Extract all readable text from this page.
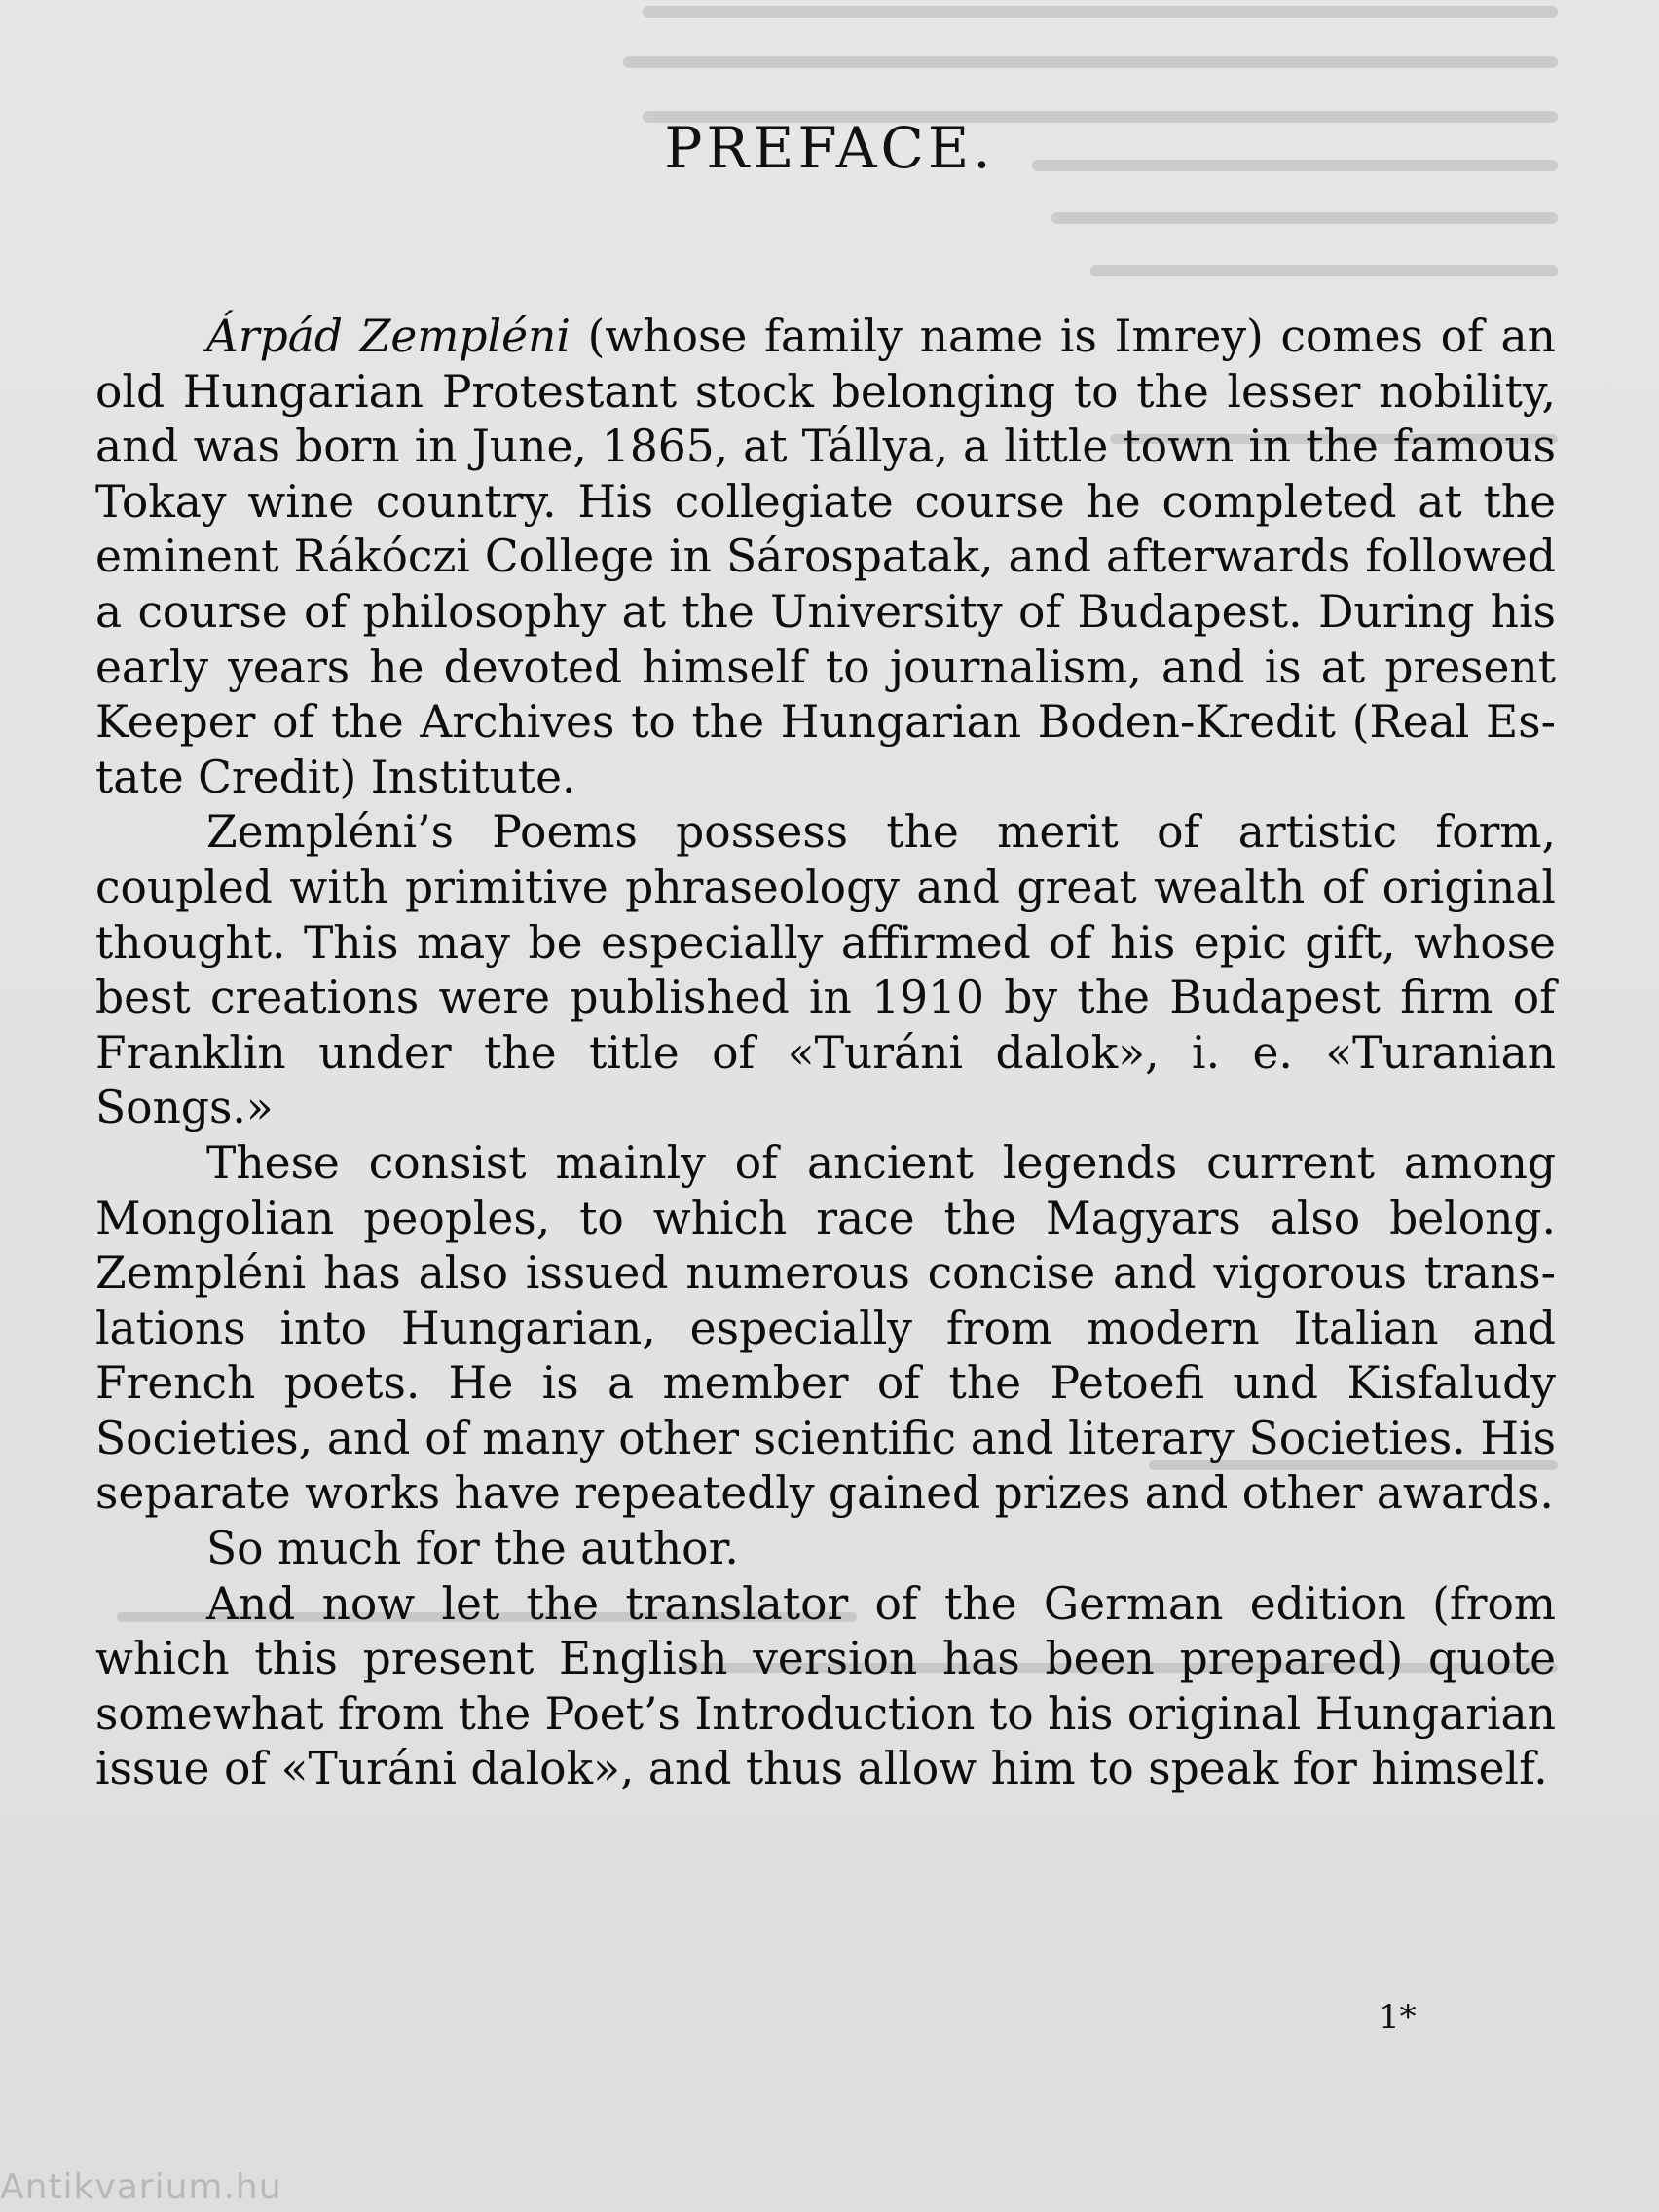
PREFACE.

Árpád Zempléni (whose family name is Imrey) comes of an old Hungarian Protestant stock belonging to the lesser nobility, and was born in June, 1865, at Tállya, a little town in the famous Tokay wine country. His collegiate course he completed at the eminent Rákóczi College in Sárospatak, and afterwards followed a course of philosophy at the University of Budapest. During his early years he devoted himself to journalism, and is at present Keeper of the Archives to the Hungarian Boden-Kredit (Real Estate Credit) Institute.

Zempléni’s Poems possess the merit of artistic form, coupled with primitive phraseology and great wealth of original thought. This may be especially affirmed of his epic gift, whose best creations were published in 1910 by the Budapest firm of Franklin under the title of «Turáni dalok», i. e. «Turanian Songs.»

These consist mainly of ancient legends current among Mongolian peoples, to which race the Magyars also belong. Zempléni has also issued numerous concise and vigorous translations into Hungarian, especially from modern Italian and French poets. He is a member of the Petoefi und Kisfaludy Societies, and of many other scientific and literary Societies. His separate works have repeatedly gained prizes and other awards.

So much for the author.

And now let the translator of the German edition (from which this present English version has been prepared) quote somewhat from the Poet’s Introduction to his original Hungarian issue of «Turáni dalok», and thus allow him to speak for himself.

1*
Antikvarium.hu
